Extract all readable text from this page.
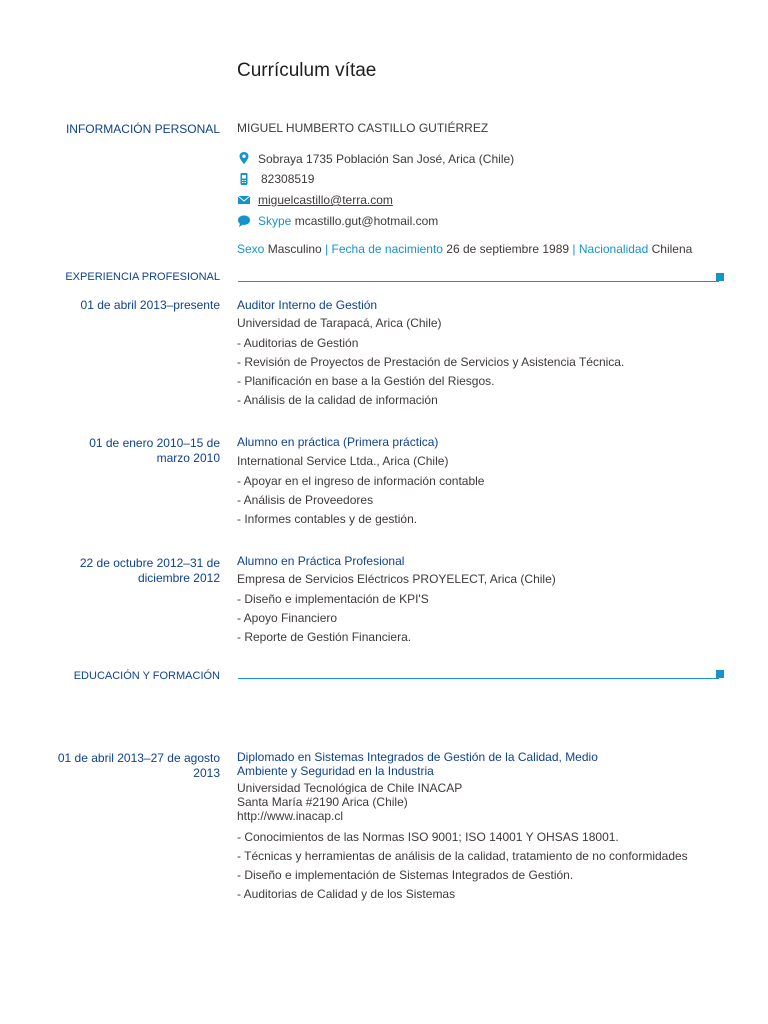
Currículum vítae
INFORMACIÓN PERSONAL MIGUEL HUMBERTO CASTILLO GUTIÉRREZ
Sobraya 1735 Población San José, Arica (Chile)
82308519
miguelcastillo@terra.com
Skype mcastillo.gut@hotmail.com
Sexo Masculino | Fecha de nacimiento 26 de septiembre 1989 | Nacionalidad Chilena
EXPERIENCIA PROFESIONAL
01 de abril 2013–presente Auditor Interno de Gestión
Universidad de Tarapacá, Arica (Chile)
- Auditorias de Gestión
- Revisión de Proyectos de Prestación de Servicios y Asistencia Técnica.
- Planificación en base a la Gestión del Riesgos.
- Análisis de la calidad de información
01 de enero 2010–15 de marzo 2010
Alumno en práctica (Primera práctica)
International Service Ltda., Arica (Chile)
- Apoyar en el ingreso de información contable
- Análisis de Proveedores
- Informes contables y de gestión.
22 de octubre 2012–31 de diciembre 2012
Alumno en Práctica Profesional
Empresa de Servicios Eléctricos PROYELECT, Arica (Chile)
- Diseño e implementación de KPI'S
- Apoyo Financiero
- Reporte de Gestión Financiera.
EDUCACIÓN Y FORMACIÓN
01 de abril 2013–27 de agosto 2013
Diplomado en Sistemas Integrados de Gestión de la Calidad, Medio Ambiente y Seguridad en la Industria
Universidad Tecnológica de Chile INACAP
Santa María #2190 Arica (Chile)
http://www.inacap.cl
- Conocimientos de las Normas ISO 9001; ISO 14001 Y OHSAS 18001.
- Técnicas y herramientas de análisis de la calidad, tratamiento de no conformidades
- Diseño e implementación de Sistemas Integrados de Gestión.
- Auditorias de Calidad y de los Sistemas
